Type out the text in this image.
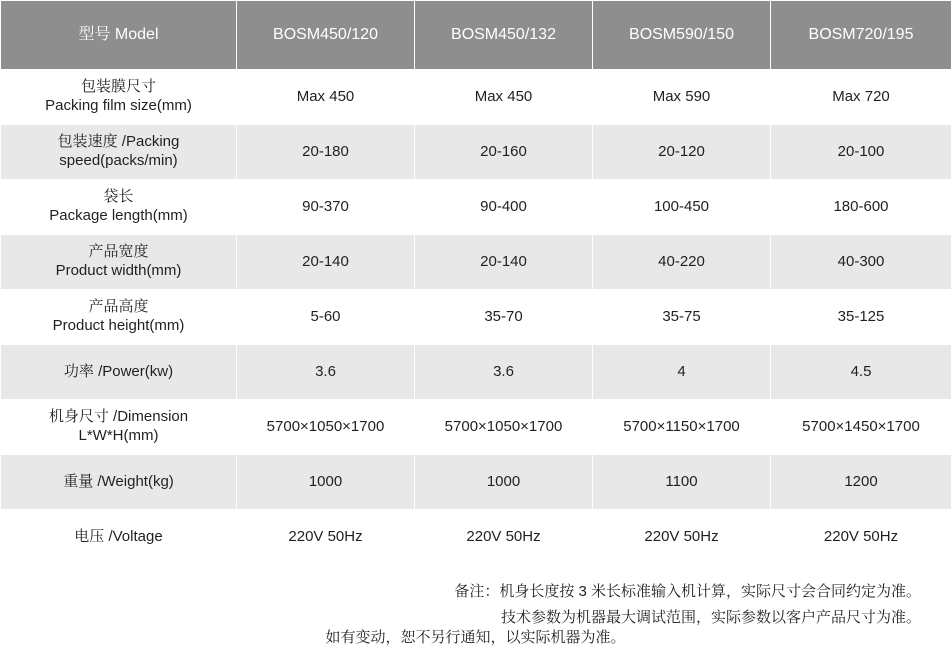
型号 Model	BOSM450/120	BOSM450/132	BOSM590/150	BOSM720/195

包装膜尺寸
Packing film size(mm)	Max 450	Max 450	Max 590	Max 720

包装速度 /Packing
speed(packs/min)	20-180	20-160	20-120	20-100

袋长
Package length(mm)	90-370	90-400	100-450	180-600

产品宽度
Product width(mm)	20-140	20-140	40-220	40-300

产品高度
Product height(mm)	5-60	35-70	35-75	35-125
功率 /Power(kw)	3.6	3.6	4	4.5

机身尺寸 /Dimension
L*W*H(mm)	5700×1050×1700	5700×1050×1700	5700×1150×1700	5700×1450×1700
重量 /Weight(kg)	1000	1000	1100	1200
电压 /Voltage	220V 50Hz	220V 50Hz	220V 50Hz	220V 50Hz
备注：机身长度按 3 米长标准输入机计算，实际尺寸会合同约定为准。
技术参数为机器最大调试范围，实际参数以客户产品尺寸为准。
如有变动，恕不另行通知，以实际机器为准。
